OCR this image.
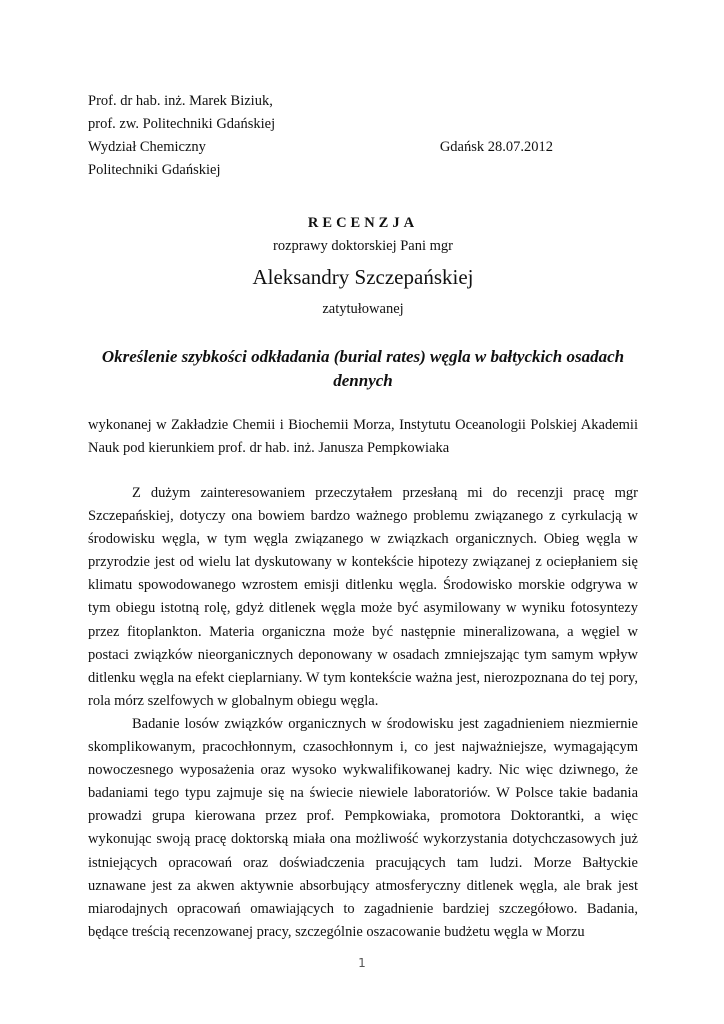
Prof. dr hab. inż. Marek Biziuk,
prof. zw. Politechniki Gdańskiej
Wydział Chemiczny	Gdańsk 28.07.2012
Politechniki Gdańskiej
RECENZJA
rozprawy doktorskiej Pani mgr
Aleksandry Szczepańskiej
zatytułowanej
Określenie szybkości odkładania (burial rates) węgla w bałtyckich osadach dennych
wykonanej w Zakładzie Chemii i Biochemii Morza, Instytutu Oceanologii Polskiej Akademii Nauk pod kierunkiem prof. dr hab. inż. Janusza Pempkowiaka

Z dużym zainteresowaniem przeczytałem przesłaną mi do recenzji pracę mgr Szczepańskiej, dotyczy ona bowiem bardzo ważnego problemu związanego z cyrkulacją w środowisku węgla, w tym węgla związanego w związkach organicznych. Obieg węgla w przyrodzie jest od wielu lat dyskutowany w kontekście hipotezy związanej z ociepłaniem się klimatu spowodowanego wzrostem emisji ditlenku węgla. Środowisko morskie odgrywa w tym obiegu istotną rolę, gdyż ditlenek węgla może być asymilowany w wyniku fotosyntezy przez fitoplankton. Materia organiczna może być następnie mineralizowana, a węgiel w postaci związków nieorganicznych deponowany w osadach zmniejszając tym samym wpływ ditlenku węgla na efekt cieplarniany. W tym kontekście ważna jest, nierozpoznana do tej pory, rola mórz szelfowych w globalnym obiegu węgla.

Badanie losów związków organicznych w środowisku jest zagadnieniem niezmiernie skomplikowanym, pracochłonnym, czasochłonnym i, co jest najważniejsze, wymagającym nowoczesnego wyposażenia oraz wysoko wykwalifikowanej kadry. Nic więc dziwnego, że badaniami tego typu zajmuje się na świecie niewiele laboratoriów. W Polsce takie badania prowadzi grupa kierowana przez prof. Pempkowiaka, promotora Doktorantki, a więc wykonując swoją pracę doktorską miała ona możliwość wykorzystania dotychczasowych już istniejących opracowań oraz doświadczenia pracujących tam ludzi. Morze Bałtyckie uznawane jest za akwen aktywnie absorbujący atmosferyczny ditlenek węgla, ale brak jest miarodajnych opracowań omawiających to zagadnienie bardziej szczegółowo. Badania, będące treścią recenzowanej pracy, szczególnie oszacowanie budżetu węgla w Morzu

1
